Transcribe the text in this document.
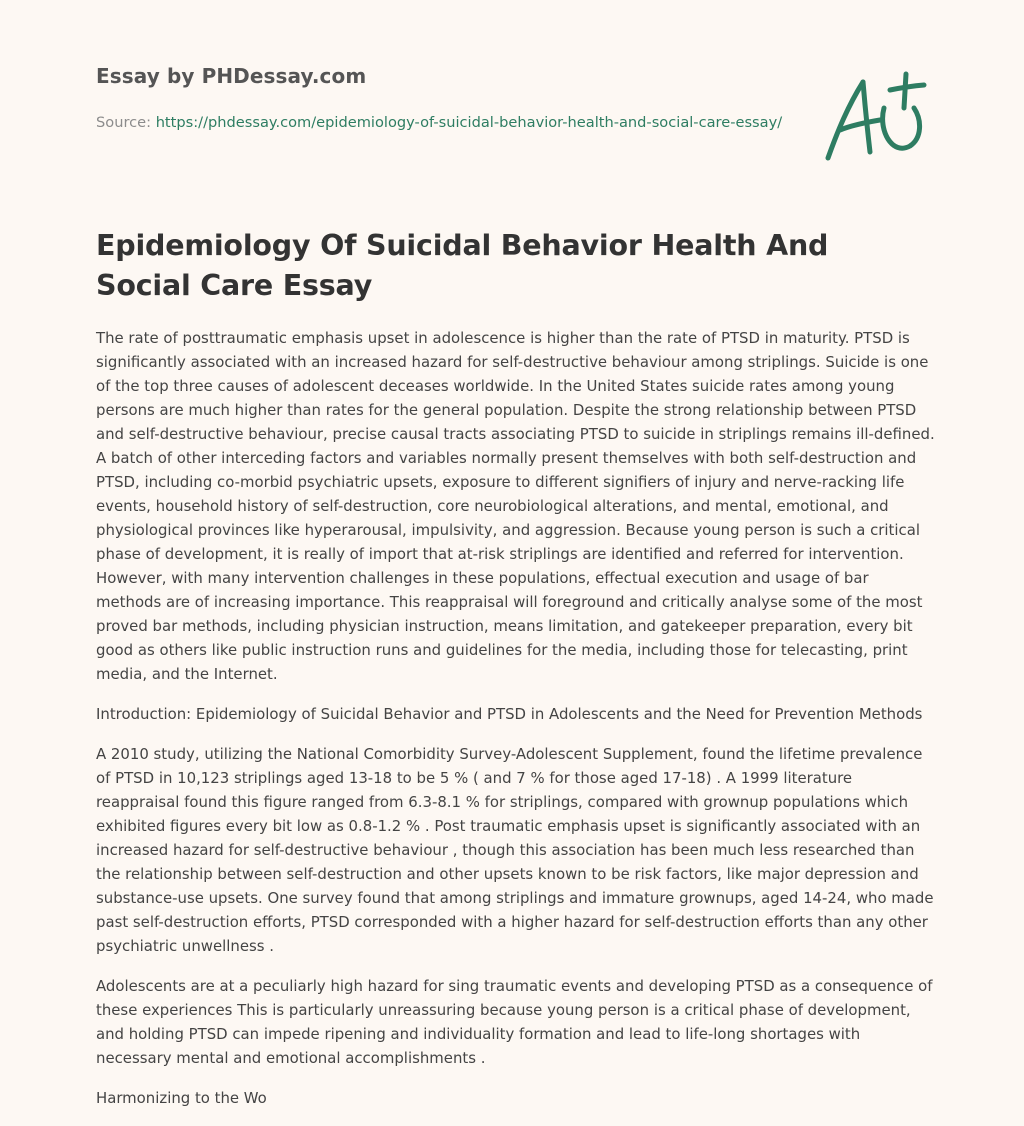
Essay by PHDessay.com
Source: https://phdessay.com/epidemiology-of-suicidal-behavior-health-and-social-care-essay/
Epidemiology Of Suicidal Behavior Health And Social Care Essay

The rate of posttraumatic emphasis upset in adolescence is higher than the rate of PTSD in maturity. PTSD is significantly associated with an increased hazard for self-destructive behaviour among striplings. Suicide is one of the top three causes of adolescent deceases worldwide. In the United States suicide rates among young persons are much higher than rates for the general population. Despite the strong relationship between PTSD and self-destructive behaviour, precise causal tracts associating PTSD to suicide in striplings remains ill-defined. A batch of other interceding factors and variables normally present themselves with both self-destruction and PTSD, including co-morbid psychiatric upsets, exposure to different signifiers of injury and nerve-racking life events, household history of self-destruction, core neurobiological alterations, and mental, emotional, and physiological provinces like hyperarousal, impulsivity, and aggression. Because young person is such a critical phase of development, it is really of import that at-risk striplings are identified and referred for intervention. However, with many intervention challenges in these populations, effectual execution and usage of bar methods are of increasing importance. This reappraisal will foreground and critically analyse some of the most proved bar methods, including physician instruction, means limitation, and gatekeeper preparation, every bit good as others like public instruction runs and guidelines for the media, including those for telecasting, print media, and the Internet.

Introduction: Epidemiology of Suicidal Behavior and PTSD in Adolescents and the Need for Prevention Methods

A 2010 study, utilizing the National Comorbidity Survey-Adolescent Supplement, found the lifetime prevalence of PTSD in 10,123 striplings aged 13-18 to be 5 % ( and 7 % for those aged 17-18) . A 1999 literature reappraisal found this figure ranged from 6.3-8.1 % for striplings, compared with grownup populations which exhibited figures every bit low as 0.8-1.2 % . Post traumatic emphasis upset is significantly associated with an increased hazard for self-destructive behaviour , though this association has been much less researched than the relationship between self-destruction and other upsets known to be risk factors, like major depression and substance-use upsets. One survey found that among striplings and immature grownups, aged 14-24, who made past self-destruction efforts, PTSD corresponded with a higher hazard for self-destruction efforts than any other psychiatric unwellness .

Adolescents are at a peculiarly high hazard for sing traumatic events and developing PTSD as a consequence of these experiences This is particularly unreassuring because young person is a critical phase of development, and holding PTSD can impede ripening and individuality formation and lead to life-long shortages with necessary mental and emotional accomplishments .

Harmonizing to the Wo
